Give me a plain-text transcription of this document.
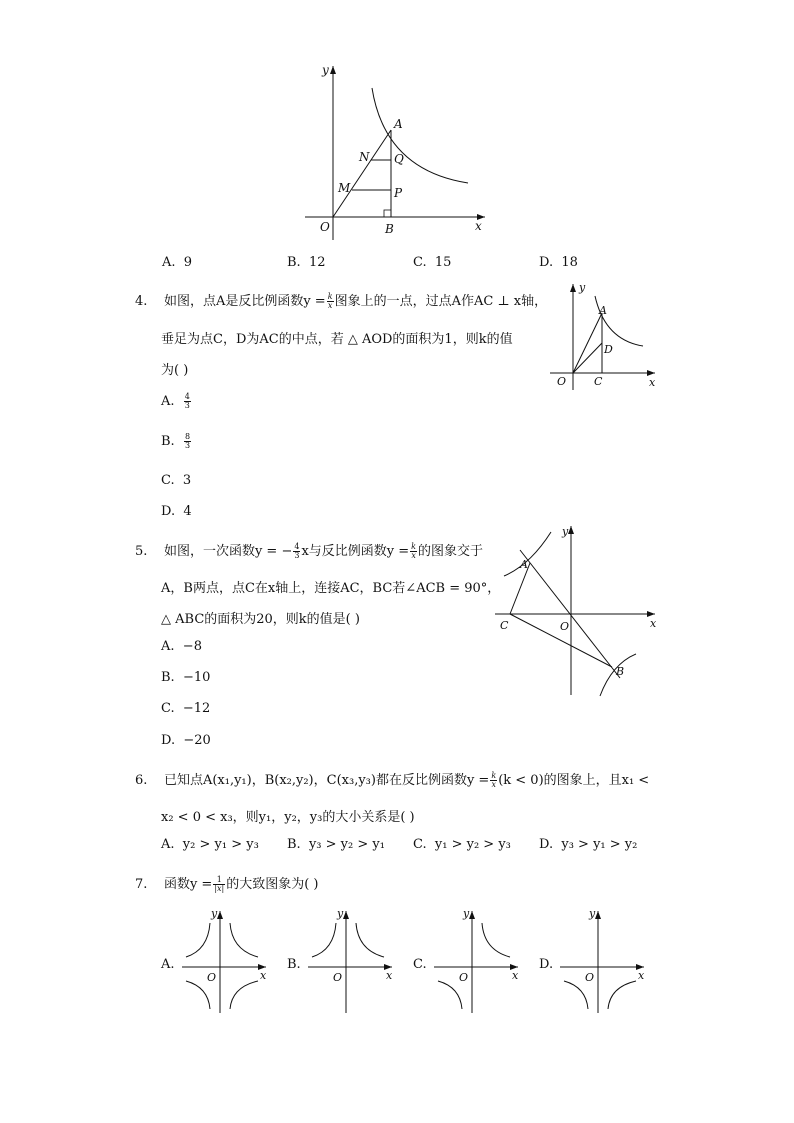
y
x
O
A
B
N Q
M	P
A. 9	B. 12	C. 15	D. 18
4. 如图，点A是反比例函数$y = \frac{k}{x}$ 图象上的一点，过点A作AC ⊥ x轴，
垂足为点C，D为AC的中点，若 △ AOD的面积为1，则k的值
为( )
A. $\frac{4}{3}$
B. $\frac{8}{3}$
C. 3
D. 4
y
x
O
A
C
D
5. 如图，一次函数y = − $\frac{4}{3}$ x与反比例函数$y = \frac{k}{x}$ 的图象交于
A，B两点，点C在x轴上，连接AC，BC若∠ACB = 90°，
△ ABC的面积为20，则k的值是( )
A. −8
B. −10
C. −12
D. −20
y
x
O
A
B
C
6. 已知点A(x₁,y₁)，B(x₂,y₂)，C(x₃,y₃)都在反比例函数$y = \frac{k}{x} (k < 0)$的图象上，且x₁ <
x₂ < 0 < x₃，则y₁，y₂，y₃的大小关系是( )
A. y₂ > y₁ > y₃ B. y₃ > y₂ > y₁ C. y₁ > y₂ > y₃ D. y₃ > y₁ > y₂
7. 函数$y = \frac{1}{|x|}$ 的大致图象为( )
A.
y
x
O
B.
y
x
O
C.
y
x
O
D.
y
x
O
